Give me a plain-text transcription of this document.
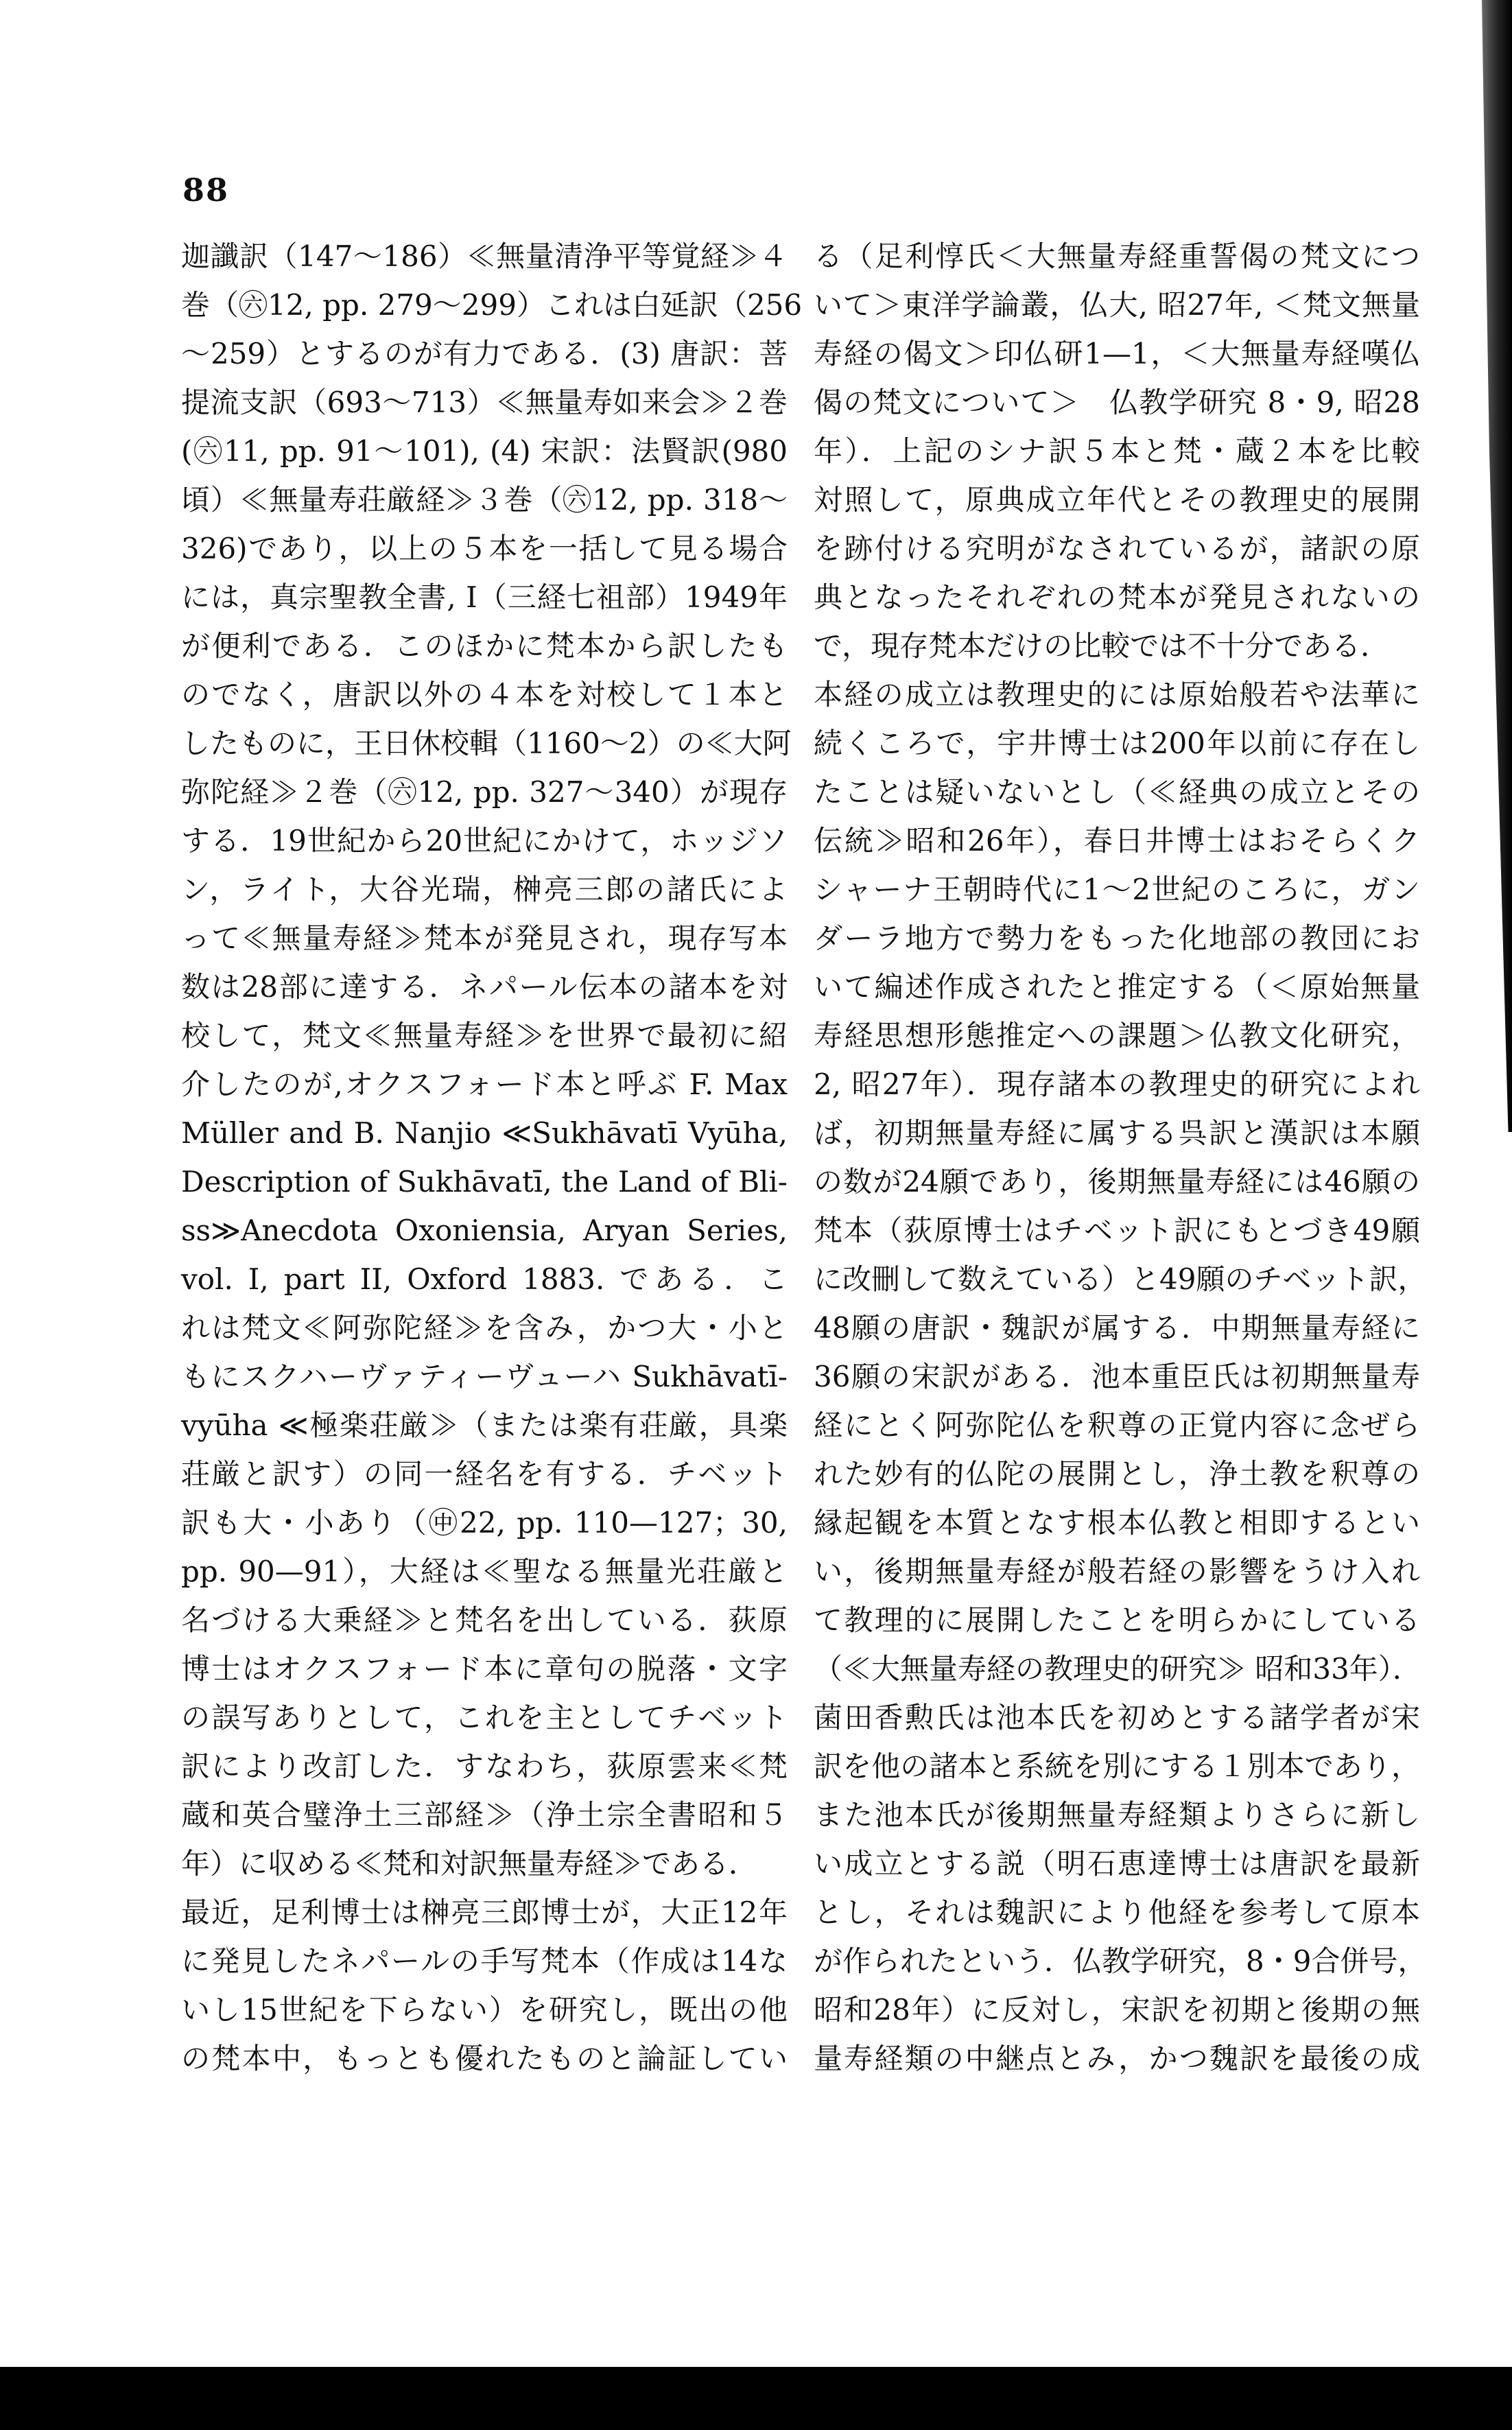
88
迦讖訳（147～186）≪無量清浄平等覚経≫４
巻（㊅12, pp. 279～299）これは白延訳（256
～259）とするのが有力である．(3) 唐訳：菩
提流支訳（693～713）≪無量寿如来会≫２巻
(㊅11, pp. 91～101), (4) 宋訳：法賢訳(980
頃）≪無量寿荘厳経≫３巻（㊅12, pp. 318～
326)であり，以上の５本を一括して見る場合
には，真宗聖教全書, I（三経七祖部）1949年
が便利である．このほかに梵本から訳したも
のでなく，唐訳以外の４本を対校して１本と
したものに，王日休校輯（1160～2）の≪大阿
弥陀経≫２巻（㊅12, pp. 327～340）が現存
する．19世紀から20世紀にかけて，ホッジソ
ン，ライト，大谷光瑞，榊亮三郎の諸氏によ
って≪無量寿経≫梵本が発見され，現存写本
数は28部に達する．ネパール伝本の諸本を対
校して，梵文≪無量寿経≫を世界で最初に紹
介したのが,オクスフォード本と呼ぶ F. Max
Müller and B. Nanjio ≪Sukhāvatī Vyūha,
Description of Sukhāvatī, the Land of Bli-
ss≫Anecdota Oxoniensia, Aryan Series,
vol. I, part II, Oxford 1883. である．こ
れは梵文≪阿弥陀経≫を含み，かつ大・小と
もにスクハーヴァティーヴューハ Sukhāvatī-
vyūha ≪極楽荘厳≫（または楽有荘厳，具楽
荘厳と訳す）の同一経名を有する．チベット
訳も大・小あり（㊥22, pp. 110—127；30,
pp. 90—91），大経は≪聖なる無量光荘厳と
名づける大乗経≫と梵名を出している．荻原
博士はオクスフォード本に章句の脱落・文字
の誤写ありとして，これを主としてチベット
訳により改訂した．すなわち，荻原雲来≪梵
蔵和英合璧浄土三部経≫（浄土宗全書昭和５
年）に収める≪梵和対訳無量寿経≫である．
最近，足利博士は榊亮三郎博士が，大正12年
に発見したネパールの手写梵本（作成は14な
いし15世紀を下らない）を研究し，既出の他
の梵本中，もっとも優れたものと論証してい
る（足利惇氏＜大無量寿経重誓偈の梵文につ
いて＞東洋学論叢，仏大, 昭27年, ＜梵文無量
寿経の偈文＞印仏研1—1，＜大無量寿経嘆仏
偈の梵文について＞　仏教学研究 8・9, 昭28
年）．上記のシナ訳５本と梵・蔵２本を比較
対照して，原典成立年代とその教理史的展開
を跡付ける究明がなされているが，諸訳の原
典となったそれぞれの梵本が発見されないの
で，現存梵本だけの比較では不十分である．
本経の成立は教理史的には原始般若や法華に
続くころで，宇井博士は200年以前に存在し
たことは疑いないとし（≪経典の成立とその
伝統≫昭和26年），春日井博士はおそらくク
シャーナ王朝時代に1～2世紀のころに，ガン
ダーラ地方で勢力をもった化地部の教団にお
いて編述作成されたと推定する（＜原始無量
寿経思想形態推定への課題＞仏教文化研究，
2, 昭27年）．現存諸本の教理史的研究によれ
ば，初期無量寿経に属する呉訳と漢訳は本願
の数が24願であり，後期無量寿経には46願の
梵本（荻原博士はチベット訳にもとづき49願
に改刪して数えている）と49願のチベット訳，
48願の唐訳・魏訳が属する．中期無量寿経に
36願の宋訳がある．池本重臣氏は初期無量寿
経にとく阿弥陀仏を釈尊の正覚内容に念ぜら
れた妙有的仏陀の展開とし，浄土教を釈尊の
縁起観を本質となす根本仏教と相即するとい
い，後期無量寿経が般若経の影響をうけ入れ
て教理的に展開したことを明らかにしている
（≪大無量寿経の教理史的研究≫ 昭和33年）．
菌田香勲氏は池本氏を初めとする諸学者が宋
訳を他の諸本と系統を別にする１別本であり，
また池本氏が後期無量寿経類よりさらに新し
い成立とする説（明石恵達博士は唐訳を最新
とし，それは魏訳により他経を参考して原本
が作られたという．仏教学研究，8・9合併号，
昭和28年）に反対し，宋訳を初期と後期の無
量寿経類の中継点とみ，かつ魏訳を最後の成
